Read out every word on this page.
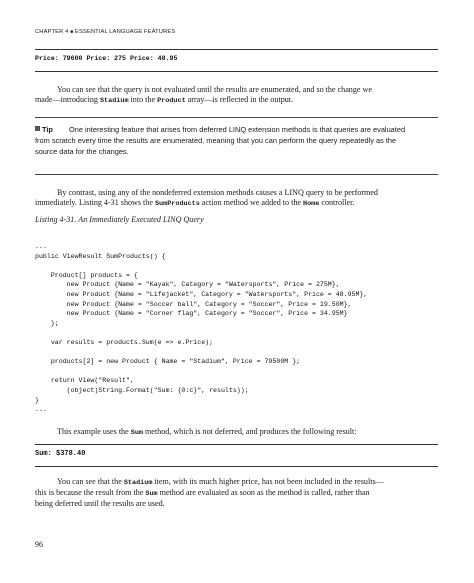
CHAPTER 4 ■ ESSENTIAL LANGUAGE FEATURES
Price: 79600 Price: 275 Price: 48.95
You can see that the query is not evaluated until the results are enumerated, and so the change we
made—introducing Stadium into the Product array—is reflected in the output.
Tip One interesting feature that arises from deferred LINQ extension methods is that queries are evaluated
from scratch every time the results are enumerated, meaning that you can perform the query repeatedly as the
source data for the changes.
By contrast, using any of the nondeferred extension methods causes a LINQ query to be performed
immediately. Listing 4-31 shows the SumProducts action method we added to the Home controller.
Listing 4-31. An Immediately Executed LINQ Query
...
public ViewResult SumProducts() {

Product[] products = {
new Product {Name = "Kayak", Category = "Watersports", Price = 275M},
new Product {Name = "Lifejacket", Category = "Watersports", Price = 48.95M},
new Product {Name = "Soccer ball", Category = "Soccer", Price = 19.50M},
new Product {Name = "Corner flag", Category = "Soccer", Price = 34.95M}
};

var results = products.Sum(e => e.Price);

products[2] = new Product { Name = "Stadium", Price = 79500M };

return View("Result",
(object)String.Format("Sum: {0:c}", results));
}
...
This example uses the Sum method, which is not deferred, and produces the following result:
Sum: $378.40
You can see that the Stadium item, with its much higher price, has not been included in the results—
this is because the result from the Sum method are evaluated as soon as the method is called, rather than
being deferred until the results are used.
96
